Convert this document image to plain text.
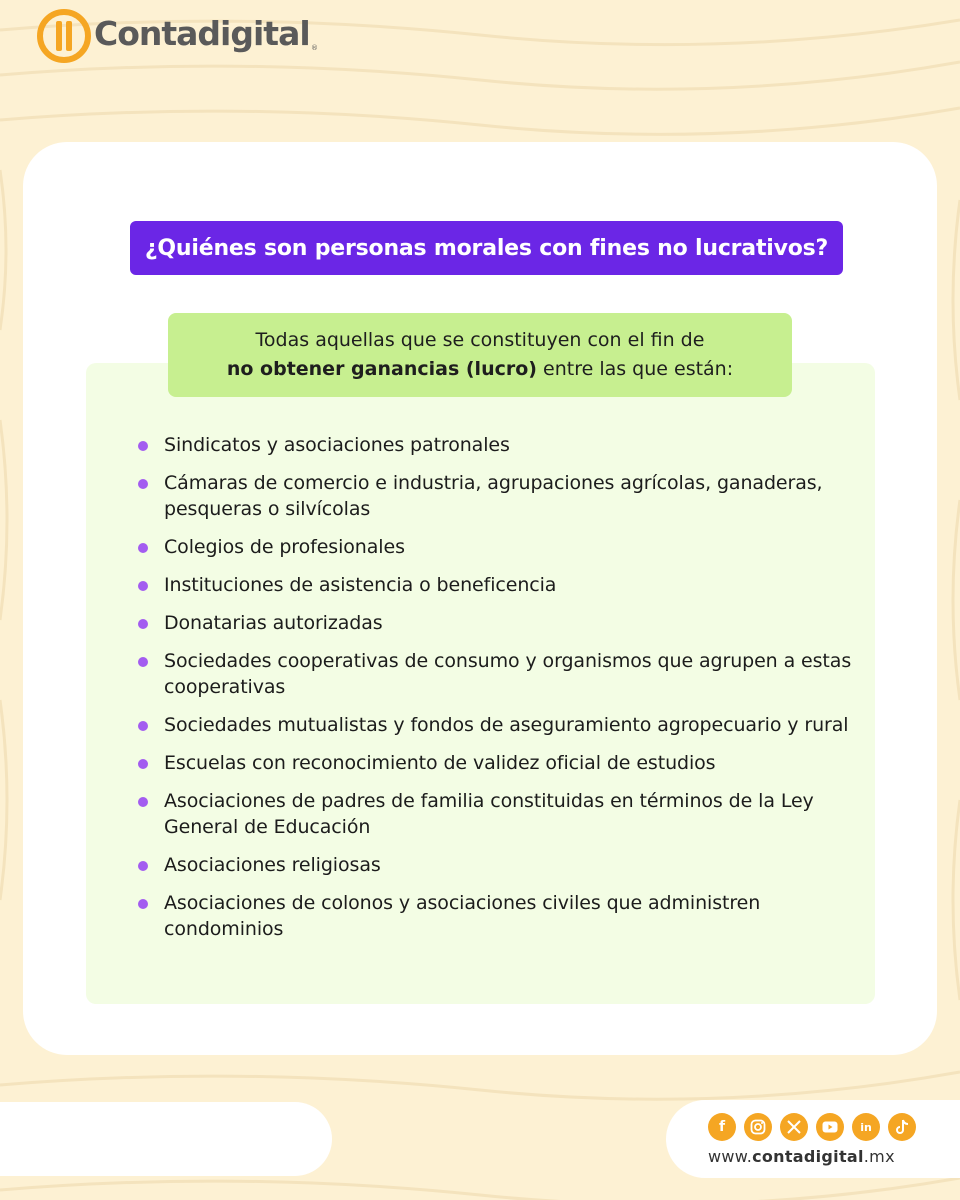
¿Quiénes son personas morales con fines no lucrativos?
Todas aquellas que se constituyen con el fin de
no obtener ganancias (lucro) entre las que están:
Sindicatos y asociaciones patronales
Cámaras de comercio e industria, agrupaciones agrícolas, ganaderas, pesqueras o silvícolas
Colegios de profesionales
Instituciones de asistencia o beneficencia
Donatarias autorizadas
Sociedades cooperativas de consumo y organismos que agrupen a estas cooperativas
Sociedades mutualistas y fondos de aseguramiento agropecuario y rural
Escuelas con reconocimiento de validez oficial de estudios
Asociaciones de padres de familia constituidas en términos de la Ley General de Educación
Asociaciones religiosas
Asociaciones de colonos y asociaciones civiles que administren condominios
Contadigital ®
f	in
www.contadigital.mx
